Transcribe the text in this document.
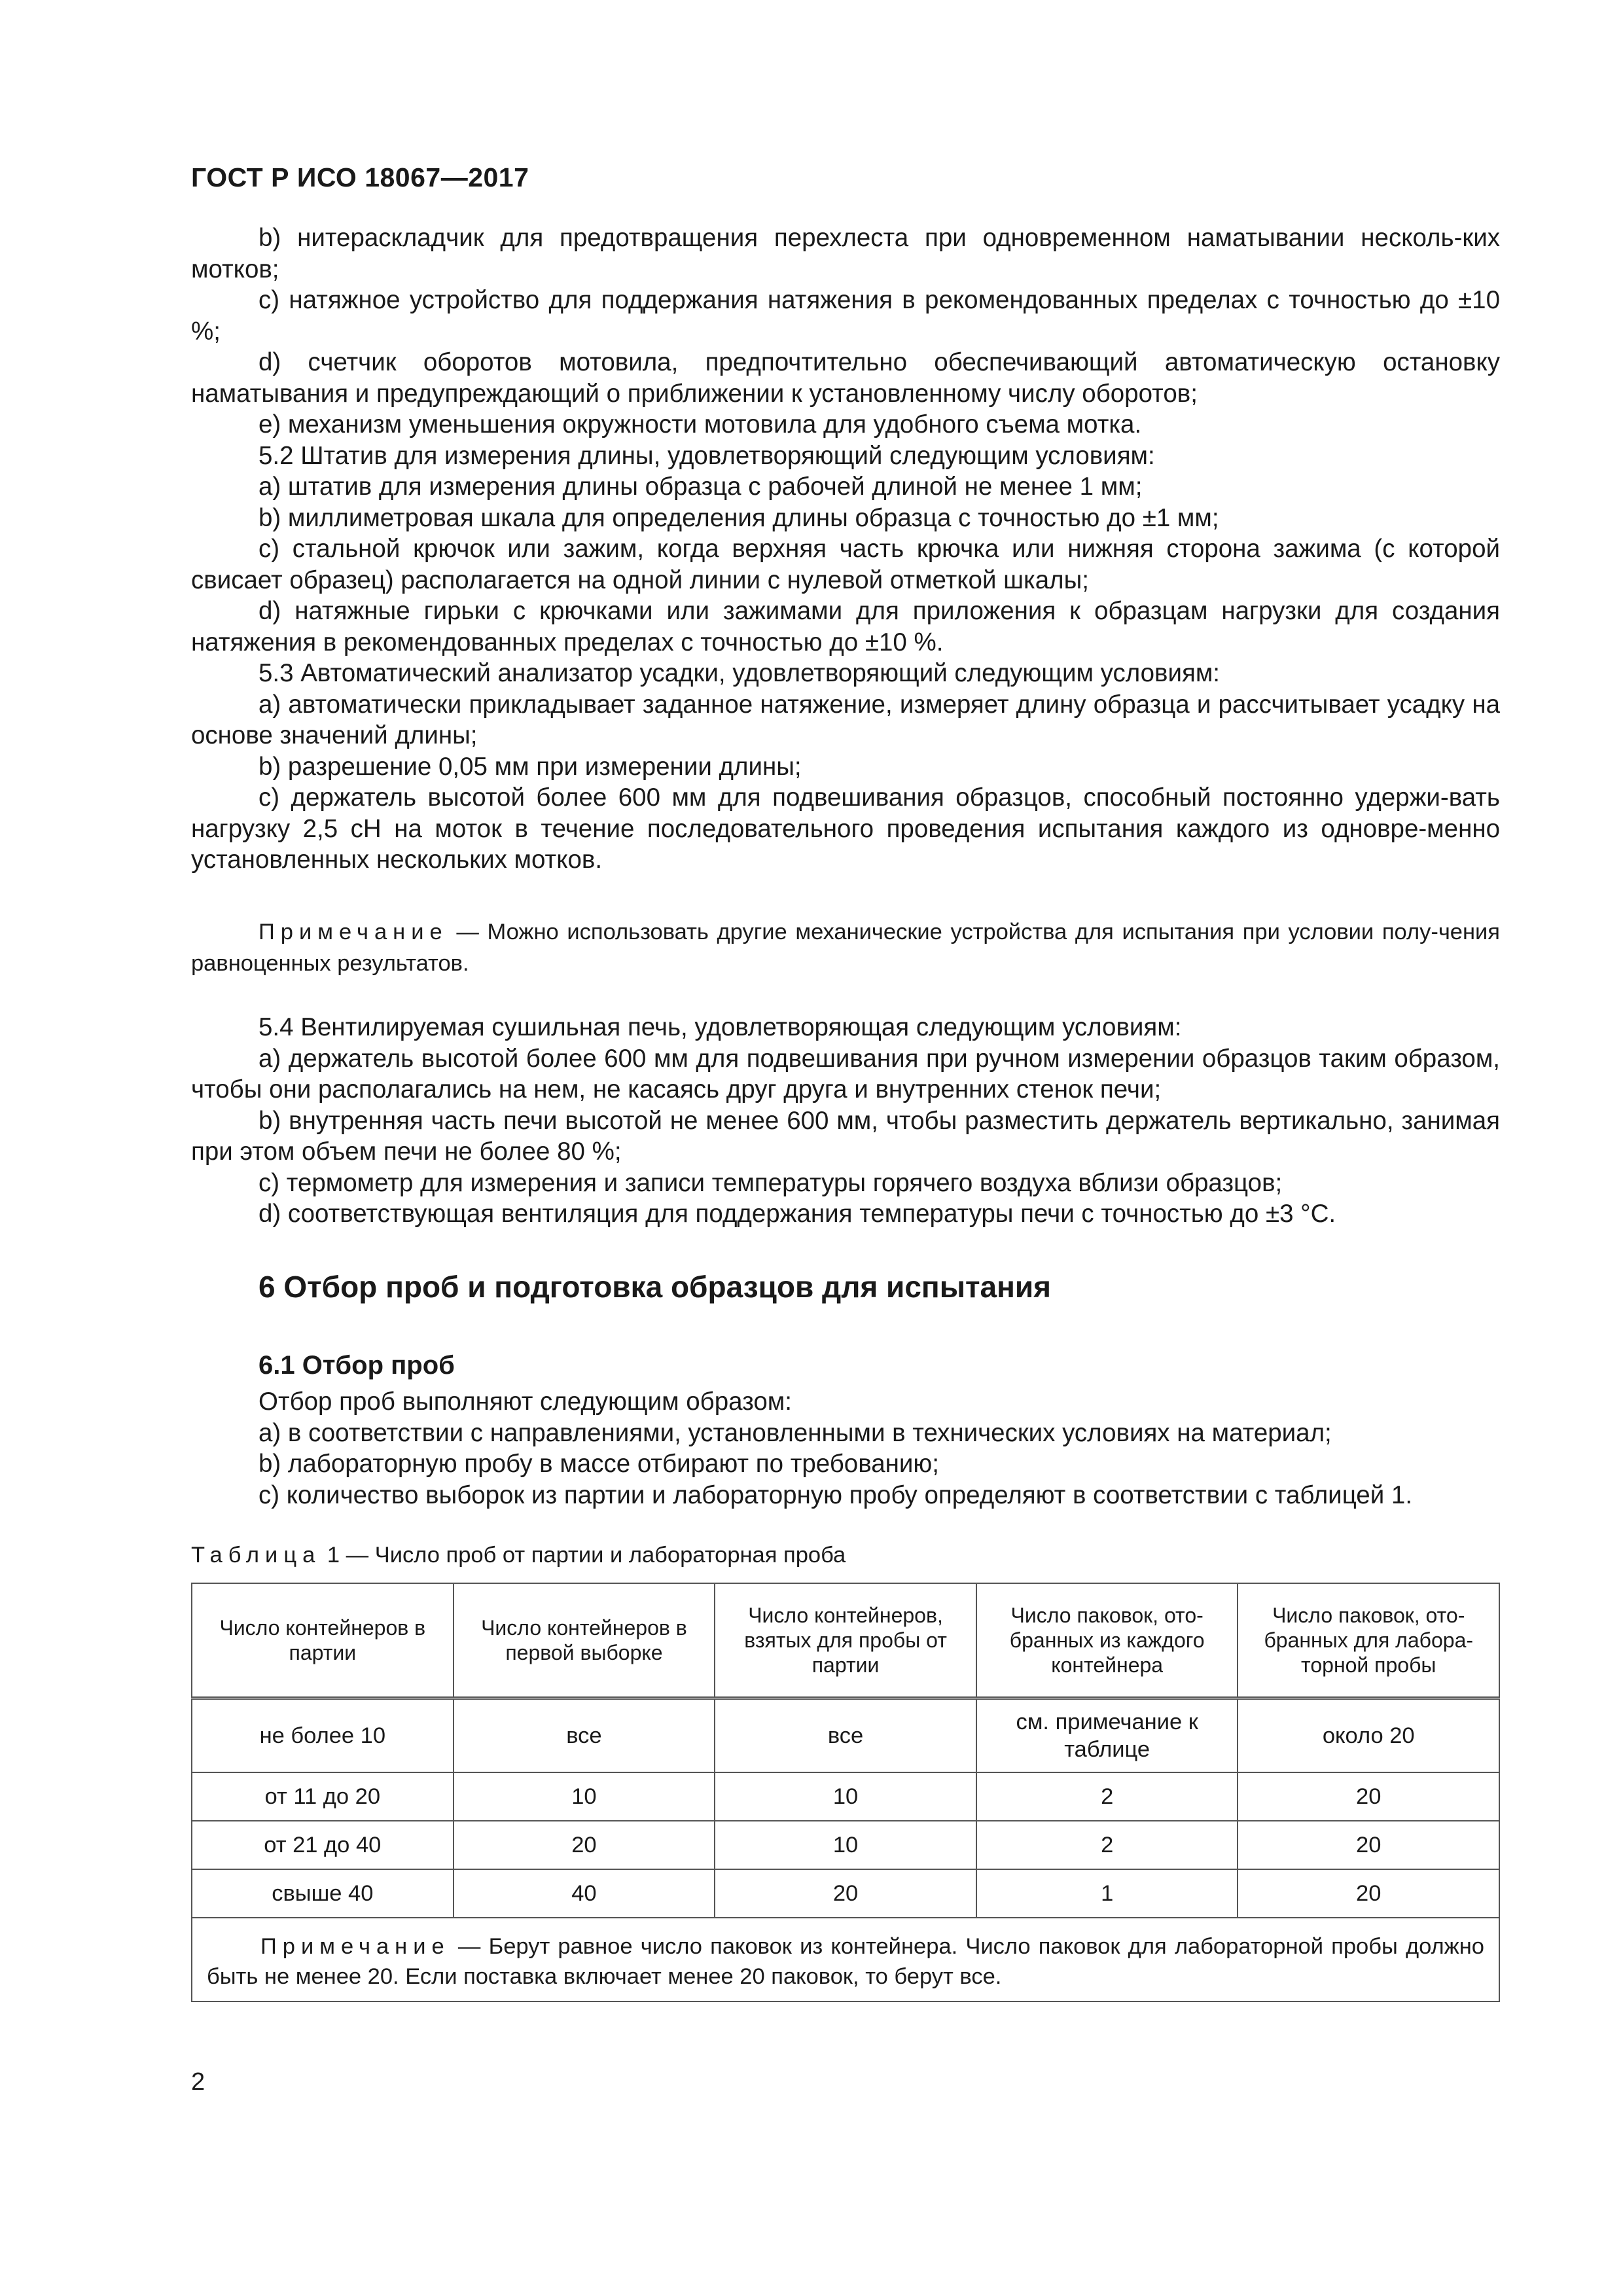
ГОСТ Р ИСО 18067—2017

b) нитераскладчик для предотвращения перехлеста при одновременном наматывании несколь-ких мотков;

c) натяжное устройство для поддержания натяжения в рекомендованных пределах с точностью до ±10 %;

d) счетчик оборотов мотовила, предпочтительно обеспечивающий автоматическую остановку наматывания и предупреждающий о приближении к установленному числу оборотов;

e) механизм уменьшения окружности мотовила для удобного съема мотка.

5.2 Штатив для измерения длины, удовлетворяющий следующим условиям:

a) штатив для измерения длины образца с рабочей длиной не менее 1 мм;

b) миллиметровая шкала для определения длины образца с точностью до ±1 мм;

c) стальной крючок или зажим, когда верхняя часть крючка или нижняя сторона зажима (с которой свисает образец) располагается на одной линии с нулевой отметкой шкалы;

d) натяжные гирьки с крючками или зажимами для приложения к образцам нагрузки для создания натяжения в рекомендованных пределах с точностью до ±10 %.

5.3 Автоматический анализатор усадки, удовлетворяющий следующим условиям:

a) автоматически прикладывает заданное натяжение, измеряет длину образца и рассчитывает усадку на основе значений длины;

b) разрешение 0,05 мм при измерении длины;

c) держатель высотой более 600 мм для подвешивания образцов, способный постоянно удержи-вать нагрузку 2,5 сН на моток в течение последовательного проведения испытания каждого из одновре-менно установленных нескольких мотков.

Примечание — Можно использовать другие механические устройства для испытания при условии полу-чения равноценных результатов.

5.4 Вентилируемая сушильная печь, удовлетворяющая следующим условиям:

a) держатель высотой более 600 мм для подвешивания при ручном измерении образцов таким образом, чтобы они располагались на нем, не касаясь друг друга и внутренних стенок печи;

b) внутренняя часть печи высотой не менее 600 мм, чтобы разместить держатель вертикально, занимая при этом объем печи не более 80 %;

c) термометр для измерения и записи температуры горячего воздуха вблизи образцов;

d) соответствующая вентиляция для поддержания температуры печи с точностью до ±3 °С.

6 Отбор проб и подготовка образцов для испытания
6.1 Отбор проб

Отбор проб выполняют следующим образом:

a) в соответствии с направлениями, установленными в технических условиях на материал;

b) лабораторную пробу в массе отбирают по требованию;

c) количество выборок из партии и лабораторную пробу определяют в соответствии с таблицей 1.

Таблица 1 — Число проб от партии и лабораторная проба
Число контейнеров в партии	Число контейнеров в первой выборке	Число контейнеров, взятых для пробы от партии	Число паковок, ото-бранных из каждого контейнера	Число паковок, ото-бранных для лабора-торной пробы
не более 10	все	все	см. примечание к таблице	около 20
от 11 до 20	10	10	2	20
от 21 до 40	20	10	2	20
свыше 40	40	20	1	20
Примечание — Берут равное число паковок из контейнера. Число паковок для лабораторной пробы должно быть не менее 20. Если поставка включает менее 20 паковок, то берут все.				
2
